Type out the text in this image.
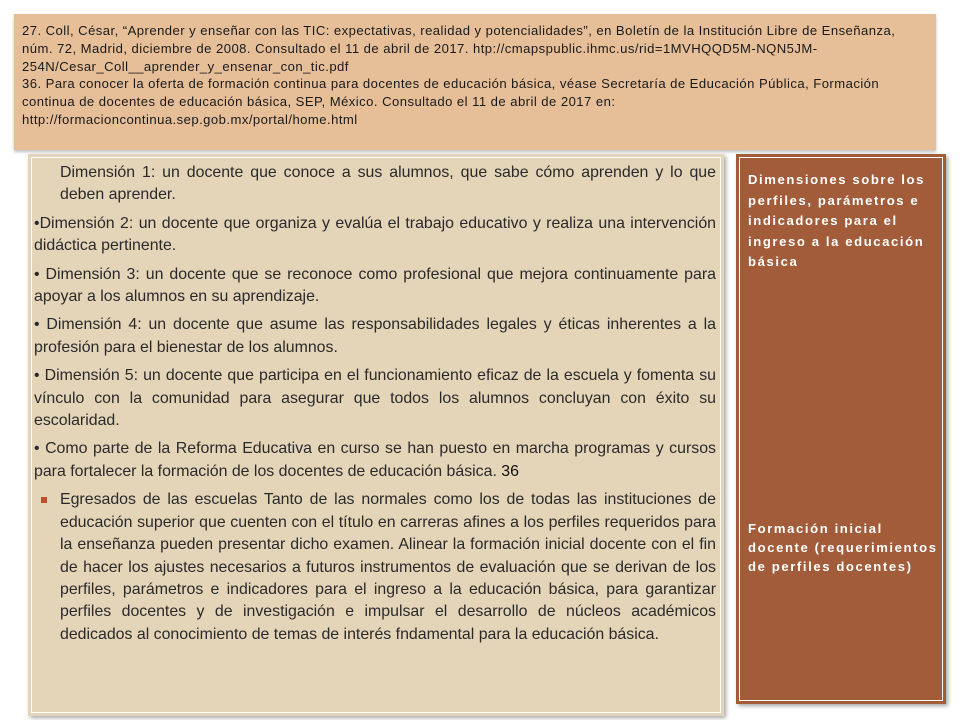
27. Coll, César, “Aprender y enseñar con las TIC: expectativas, realidad y potencialidades”, en Boletín de la Institución Libre de Enseñanza, núm. 72, Madrid, diciembre de 2008. Consultado el 11 de abril de 2017. htp://cmapspublic.ihmc.us/rid=1MVHQQD5M-NQN5JM-254N/Cesar_Coll__aprender_y_ensenar_con_tic.pdf

36. Para conocer la oferta de formación continua para docentes de educación básica, véase Secretaría de Educación Pública, Formación continua de docentes de educación básica, SEP, México. Consultado el 11 de abril de 2017 en: http://formacioncontinua.sep.gob.mx/portal/home.html

Dimensión 1: un docente que conoce a sus alumnos, que sabe cómo aprenden y lo que deben aprender.

•Dimensión 2: un docente que organiza y evalúa el trabajo educativo y realiza una intervención didáctica pertinente.

• Dimensión 3: un docente que se reconoce como profesional que mejora continuamente para apoyar a los alumnos en su aprendizaje.

• Dimensión 4: un docente que asume las responsabilidades legales y éticas inherentes a la profesión para el bienestar de los alumnos.

• Dimensión 5: un docente que participa en el funcionamiento eficaz de la escuela y fomenta su vínculo con la comunidad para asegurar que todos los alumnos concluyan con éxito su escolaridad.

• Como parte de la Reforma Educativa en curso se han puesto en marcha programas y cursos para fortalecer la formación de los docentes de educación básica. 36

Egresados de las escuelas Tanto de las normales como los de todas las instituciones de educación superior que cuenten con el título en carreras afines a los perfiles requeridos para la enseñanza pueden presentar dicho examen. Alinear la formación inicial docente con el fin de hacer los ajustes necesarios a futuros instrumentos de evaluación que se derivan de los perfiles, parámetros e indicadores para el ingreso a la educación básica, para garantizar perfiles docentes y de investigación e impulsar el desarrollo de núcleos académicos dedicados al conocimiento de temas de interés fndamental para la educación básica.
Dimensiones sobre los perfiles, parámetros e indicadores para el ingreso a la educación básica
Formación inicial docente (requerimientos de perfiles docentes)
